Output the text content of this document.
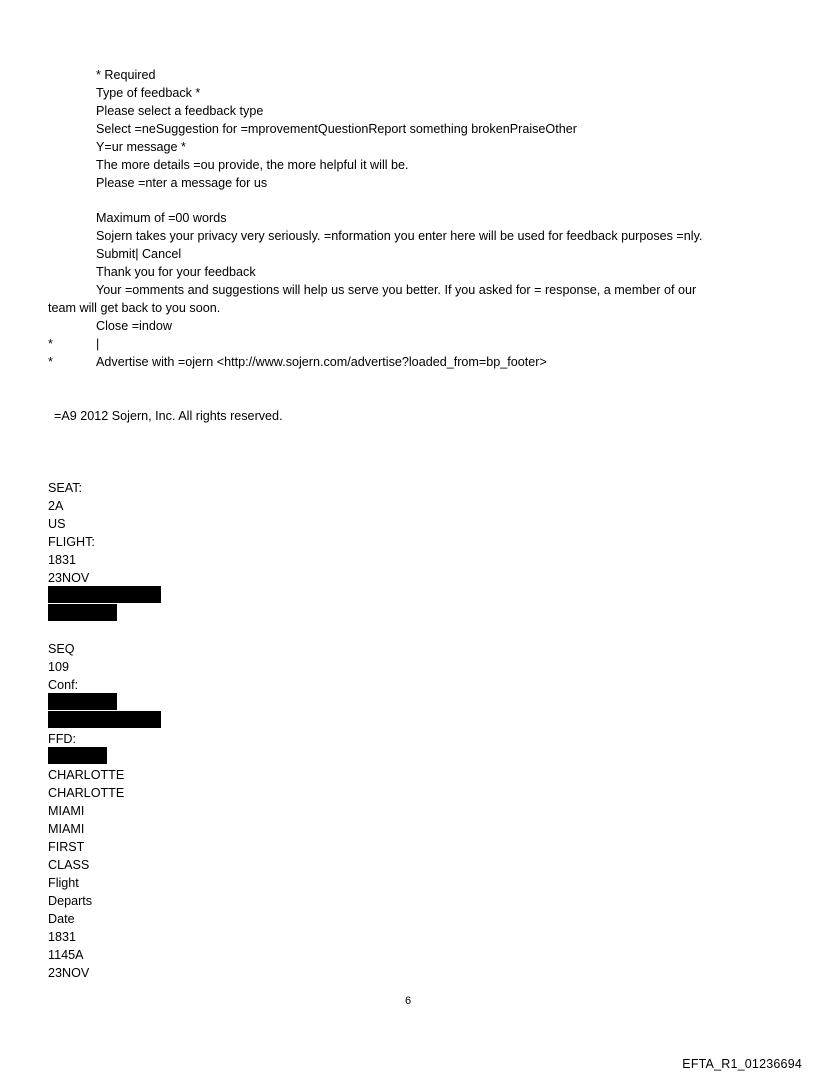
* Required
Type of feedback *
Please select a feedback type
Select =neSuggestion for =mprovementQuestionReport something brokenPraiseOther
Y=ur message *
The more details =ou provide, the more helpful it will be.
Please =nter a message for us
Maximum of =00 words
Sojern takes your privacy very seriously. =nformation you enter here will be used for feedback purposes =nly.
Submit| Cancel
Thank you for your feedback
Your =omments and suggestions will help us serve you better. If you asked for = response, a member of our
team will get back to you soon.
Close =indow
*	|
*	Advertise with =ojern <http://www.sojern.com/advertise?loaded_from=bp_footer>
=A9 2012 Sojern, Inc. All rights reserved.
SEAT:
2A
US
FLIGHT:
1831
23NOV
SEQ
109
Conf:
FFD:
CHARLOTTE
CHARLOTTE
MIAMI
MIAMI
FIRST
CLASS
Flight
Departs
Date
1831
1145A
23NOV
6
EFTA_R1_01236694
